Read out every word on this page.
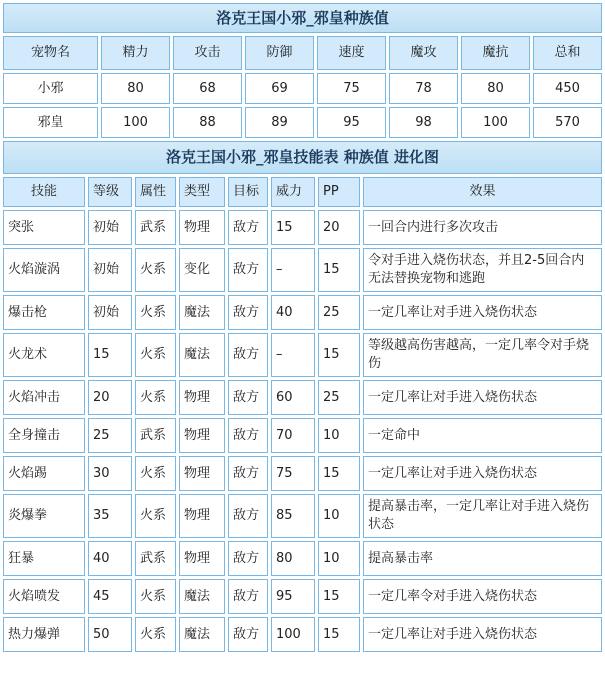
洛克王国小邪_邪皇种族值							
宠物名	精力	攻击	防御	速度	魔攻	魔抗	总和
小邪	80	68	69	75	78	80	450
邪皇	100	88	89	95	98	100	570
洛克王国小邪_邪皇技能表 种族值 进化图							
技能	等级	属性	类型	目标	威力	PP	效果
突张	初始	武系	物理	敌方	15	20	一回合内进行多次攻击
火焰漩涡	初始	火系	变化	敌方	–	15	令对手进入烧伤状态，并且2-5回合内无法替换宠物和逃跑
爆击枪	初始	火系	魔法	敌方	40	25	一定几率让对手进入烧伤状态
火龙术	15	火系	魔法	敌方	–	15	等级越高伤害越高，一定几率令对手烧伤
火焰冲击	20	火系	物理	敌方	60	25	一定几率让对手进入烧伤状态
全身撞击	25	武系	物理	敌方	70	10	一定命中
火焰踢	30	火系	物理	敌方	75	15	一定几率让对手进入烧伤状态
炎爆拳	35	火系	物理	敌方	85	10	提高暴击率，一定几率让对手进入烧伤状态
狂暴	40	武系	物理	敌方	80	10	提高暴击率
火焰喷发	45	火系	魔法	敌方	95	15	一定几率令对手进入烧伤状态
热力爆弹	50	火系	魔法	敌方	100	15	一定几率让对手进入烧伤状态
